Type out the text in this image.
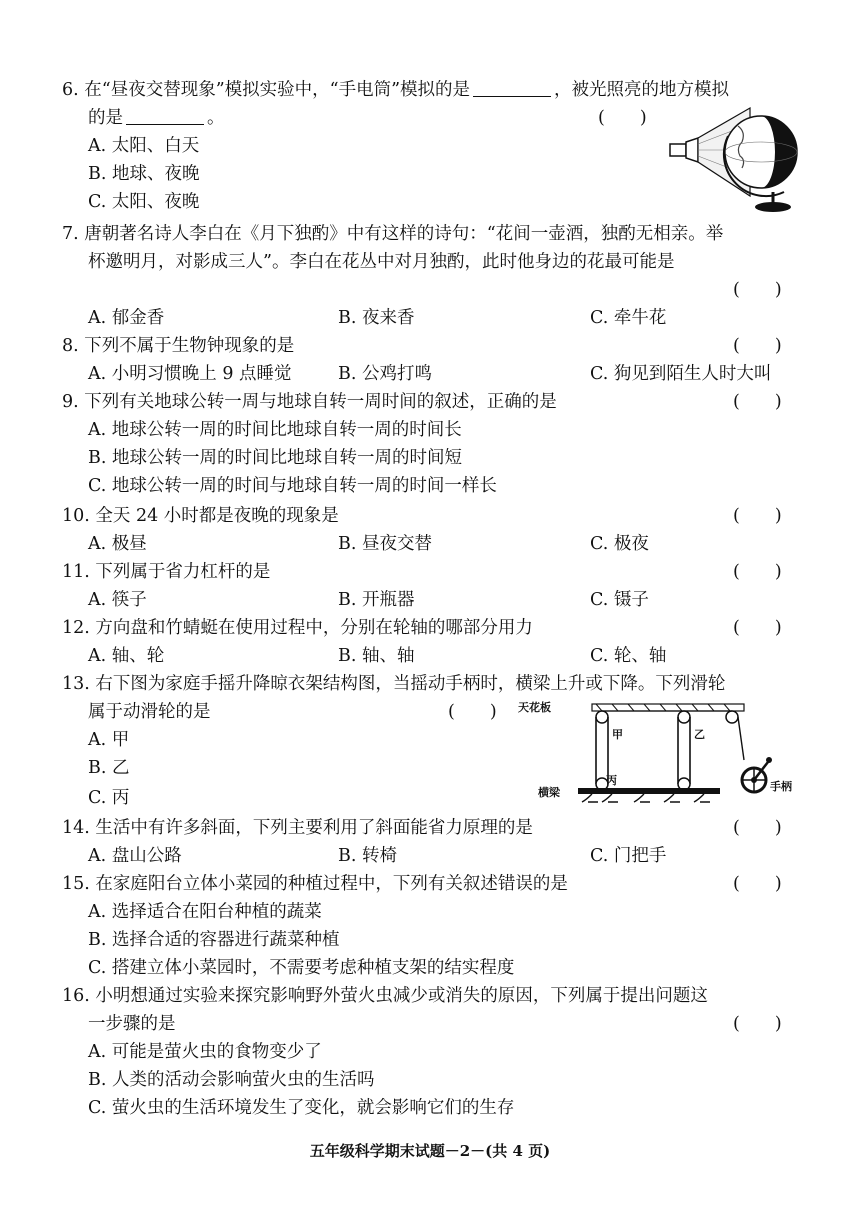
6. 在“昼夜交替现象”模拟实验中，“手电筒”模拟的是	，被光照亮的地方模拟
的是	。	(　　)
A. 太阳、白天
B. 地球、夜晚
C. 太阳、夜晚
7. 唐朝著名诗人李白在《月下独酌》中有这样的诗句：“花间一壶酒，独酌无相亲。举
杯邀明月，对影成三人”。李白在花丛中对月独酌，此时他身边的花最可能是
(　　)
A. 郁金香	B. 夜来香	C. 牵牛花
8. 下列不属于生物钟现象的是	(　　)
A. 小明习惯晚上 9 点睡觉	B. 公鸡打鸣	C. 狗见到陌生人时大叫
9. 下列有关地球公转一周与地球自转一周时间的叙述，正确的是	(　　)
A. 地球公转一周的时间比地球自转一周的时间长
B. 地球公转一周的时间比地球自转一周的时间短
C. 地球公转一周的时间与地球自转一周的时间一样长
10. 全天 24 小时都是夜晚的现象是	(　　)
A. 极昼	B. 昼夜交替	C. 极夜
11. 下列属于省力杠杆的是	(　　)
A. 筷子	B. 开瓶器	C. 镊子
12. 方向盘和竹蜻蜓在使用过程中，分别在轮轴的哪部分用力	(　　)
A. 轴、轮	B. 轴、轴	C. 轮、轴
13. 右下图为家庭手摇升降晾衣架结构图，当摇动手柄时，横梁上升或下降。下列滑轮
属于动滑轮的是	(　　)
A. 甲
B. 乙
C. 丙
天花板
甲	乙
丙
横梁	手柄
14. 生活中有许多斜面，下列主要利用了斜面能省力原理的是	(　　)
A. 盘山公路	B. 转椅	C. 门把手
15. 在家庭阳台立体小菜园的种植过程中，下列有关叙述错误的是	(　　)
A. 选择适合在阳台种植的蔬菜
B. 选择合适的容器进行蔬菜种植
C. 搭建立体小菜园时，不需要考虑种植支架的结实程度
16. 小明想通过实验来探究影响野外萤火虫减少或消失的原因，下列属于提出问题这
一步骤的是	(　　)
A. 可能是萤火虫的食物变少了
B. 人类的活动会影响萤火虫的生活吗
C. 萤火虫的生活环境发生了变化，就会影响它们的生存
五年级科学期末试题－2－(共 4 页)
